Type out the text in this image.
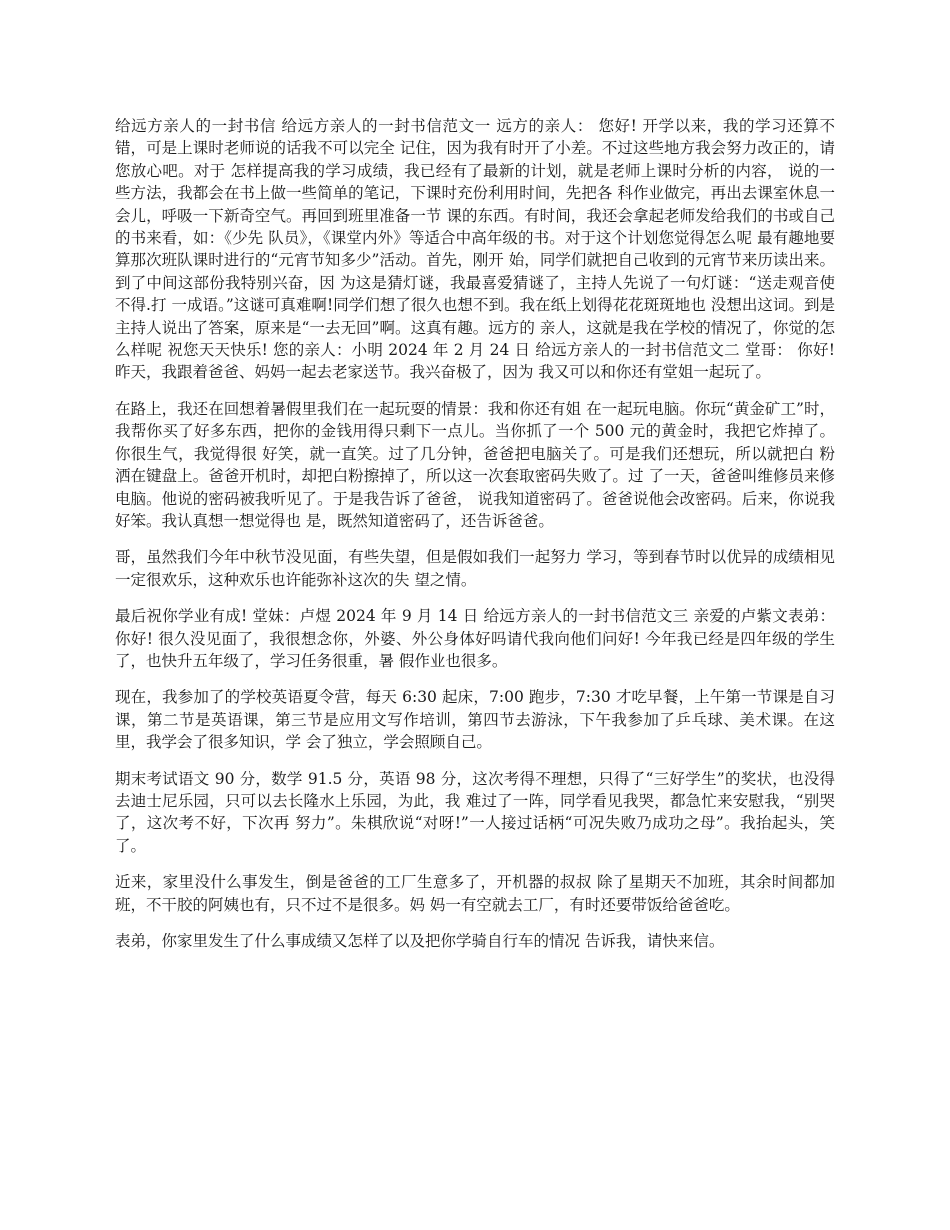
给远方亲人的一封书信 给远方亲人的一封书信范文一 远方的亲人： 您好! 开学以来，我的学习还算不错，可是上课时老师说的话我不可以完全 记住，因为我有时开了小差。不过这些地方我会努力改正的，请您放心吧。对于 怎样提高我的学习成绩，我已经有了最新的计划，就是老师上课时分析的内容， 说的一些方法，我都会在书上做一些简单的笔记，下课时充份利用时间，先把各 科作业做完，再出去课室休息一会儿，呼吸一下新奇空气。再回到班里准备一节 课的东西。有时间，我还会拿起老师发给我们的书或自己的书来看，如：《少先 队员》，《课堂内外》等适合中高年级的书。对于这个计划您觉得怎么呢 最有趣地要算那次班队课时进行的“元宵节知多少”活动。首先，刚开 始，同学们就把自己收到的元宵节来历读出来。到了中间这部份我特别兴奋，因 为这是猜灯谜，我最喜爱猜谜了，主持人先说了一句灯谜：“送走观音使不得.打 一成语。”这谜可真难啊!同学们想了很久也想不到。我在纸上划得花花斑斑地也 没想出这词。到是主持人说出了答案，原来是“一去无回”啊。这真有趣。远方的 亲人，这就是我在学校的情况了，你觉的怎么样呢 祝您天天快乐! 您的亲人：小明 2024 年 2 月 24 日 给远方亲人的一封书信范文二 堂哥： 你好!昨天，我跟着爸爸、妈妈一起去老家送节。我兴奋极了，因为 我又可以和你还有堂姐一起玩了。

在路上，我还在回想着暑假里我们在一起玩耍的情景：我和你还有姐 在一起玩电脑。你玩“黄金矿工”时，我帮你买了好多东西，把你的金钱用得只剩下一点儿。当你抓了一个 500 元的黄金时，我把它炸掉了。你很生气，我觉得很 好笑，就一直笑。过了几分钟，爸爸把电脑关了。可是我们还想玩，所以就把白 粉洒在键盘上。爸爸开机时，却把白粉擦掉了，所以这一次套取密码失败了。过 了一天，爸爸叫维修员来修电脑。他说的密码被我听见了。于是我告诉了爸爸， 说我知道密码了。爸爸说他会改密码。后来，你说我好笨。我认真想一想觉得也 是，既然知道密码了，还告诉爸爸。

哥，虽然我们今年中秋节没见面，有些失望，但是假如我们一起努力 学习，等到春节时以优异的成绩相见一定很欢乐，这种欢乐也许能弥补这次的失 望之情。

最后祝你学业有成! 堂妹：卢煜 2024 年 9 月 14 日 给远方亲人的一封书信范文三 亲爱的卢紫文表弟： 你好! 很久没见面了，我很想念你，外婆、外公身体好吗请代我向他们问好! 今年我已经是四年级的学生了，也快升五年级了，学习任务很重，暑 假作业也很多。

现在，我参加了的学校英语夏令营，每天 6:30 起床，7:00 跑步，7:30 才吃早餐，上午第一节课是自习课，第二节是英语课，第三节是应用文写作培训，第四节去游泳，下午我参加了乒乓球、美术课。在这里，我学会了很多知识，学 会了独立，学会照顾自己。

期末考试语文 90 分，数学 91.5 分，英语 98 分，这次考得不理想，只得了“三好学生”的奖状，也没得去迪士尼乐园，只可以去长隆水上乐园，为此，我 难过了一阵，同学看见我哭，都急忙来安慰我，“别哭了，这次考不好，下次再 努力”。朱棋欣说“对呀!”一人接过话柄“可况失败乃成功之母”。我抬起头，笑了。

近来，家里没什么事发生，倒是爸爸的工厂生意多了，开机器的叔叔 除了星期天不加班，其余时间都加班，不干胶的阿姨也有，只不过不是很多。妈 妈一有空就去工厂，有时还要带饭给爸爸吃。

表弟，你家里发生了什么事成绩又怎样了以及把你学骑自行车的情况 告诉我，请快来信。
